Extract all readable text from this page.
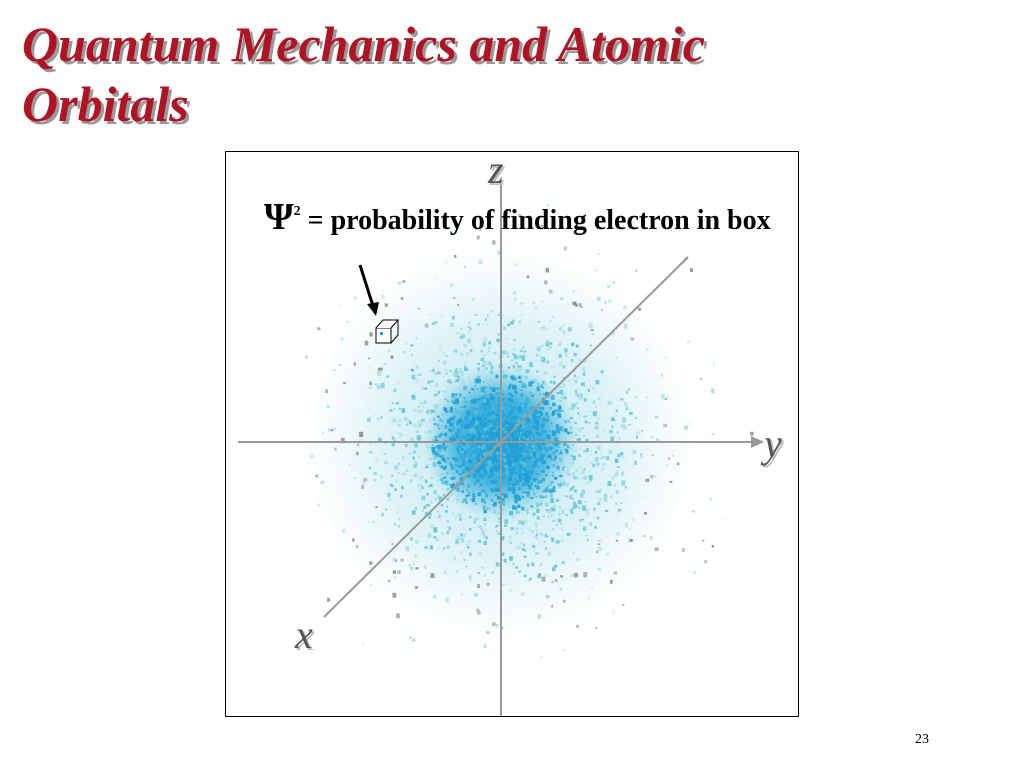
Quantum Mechanics and Atomic
Orbitals
$\Psi^2$ = probability of finding electron in box
z
y
x
23
